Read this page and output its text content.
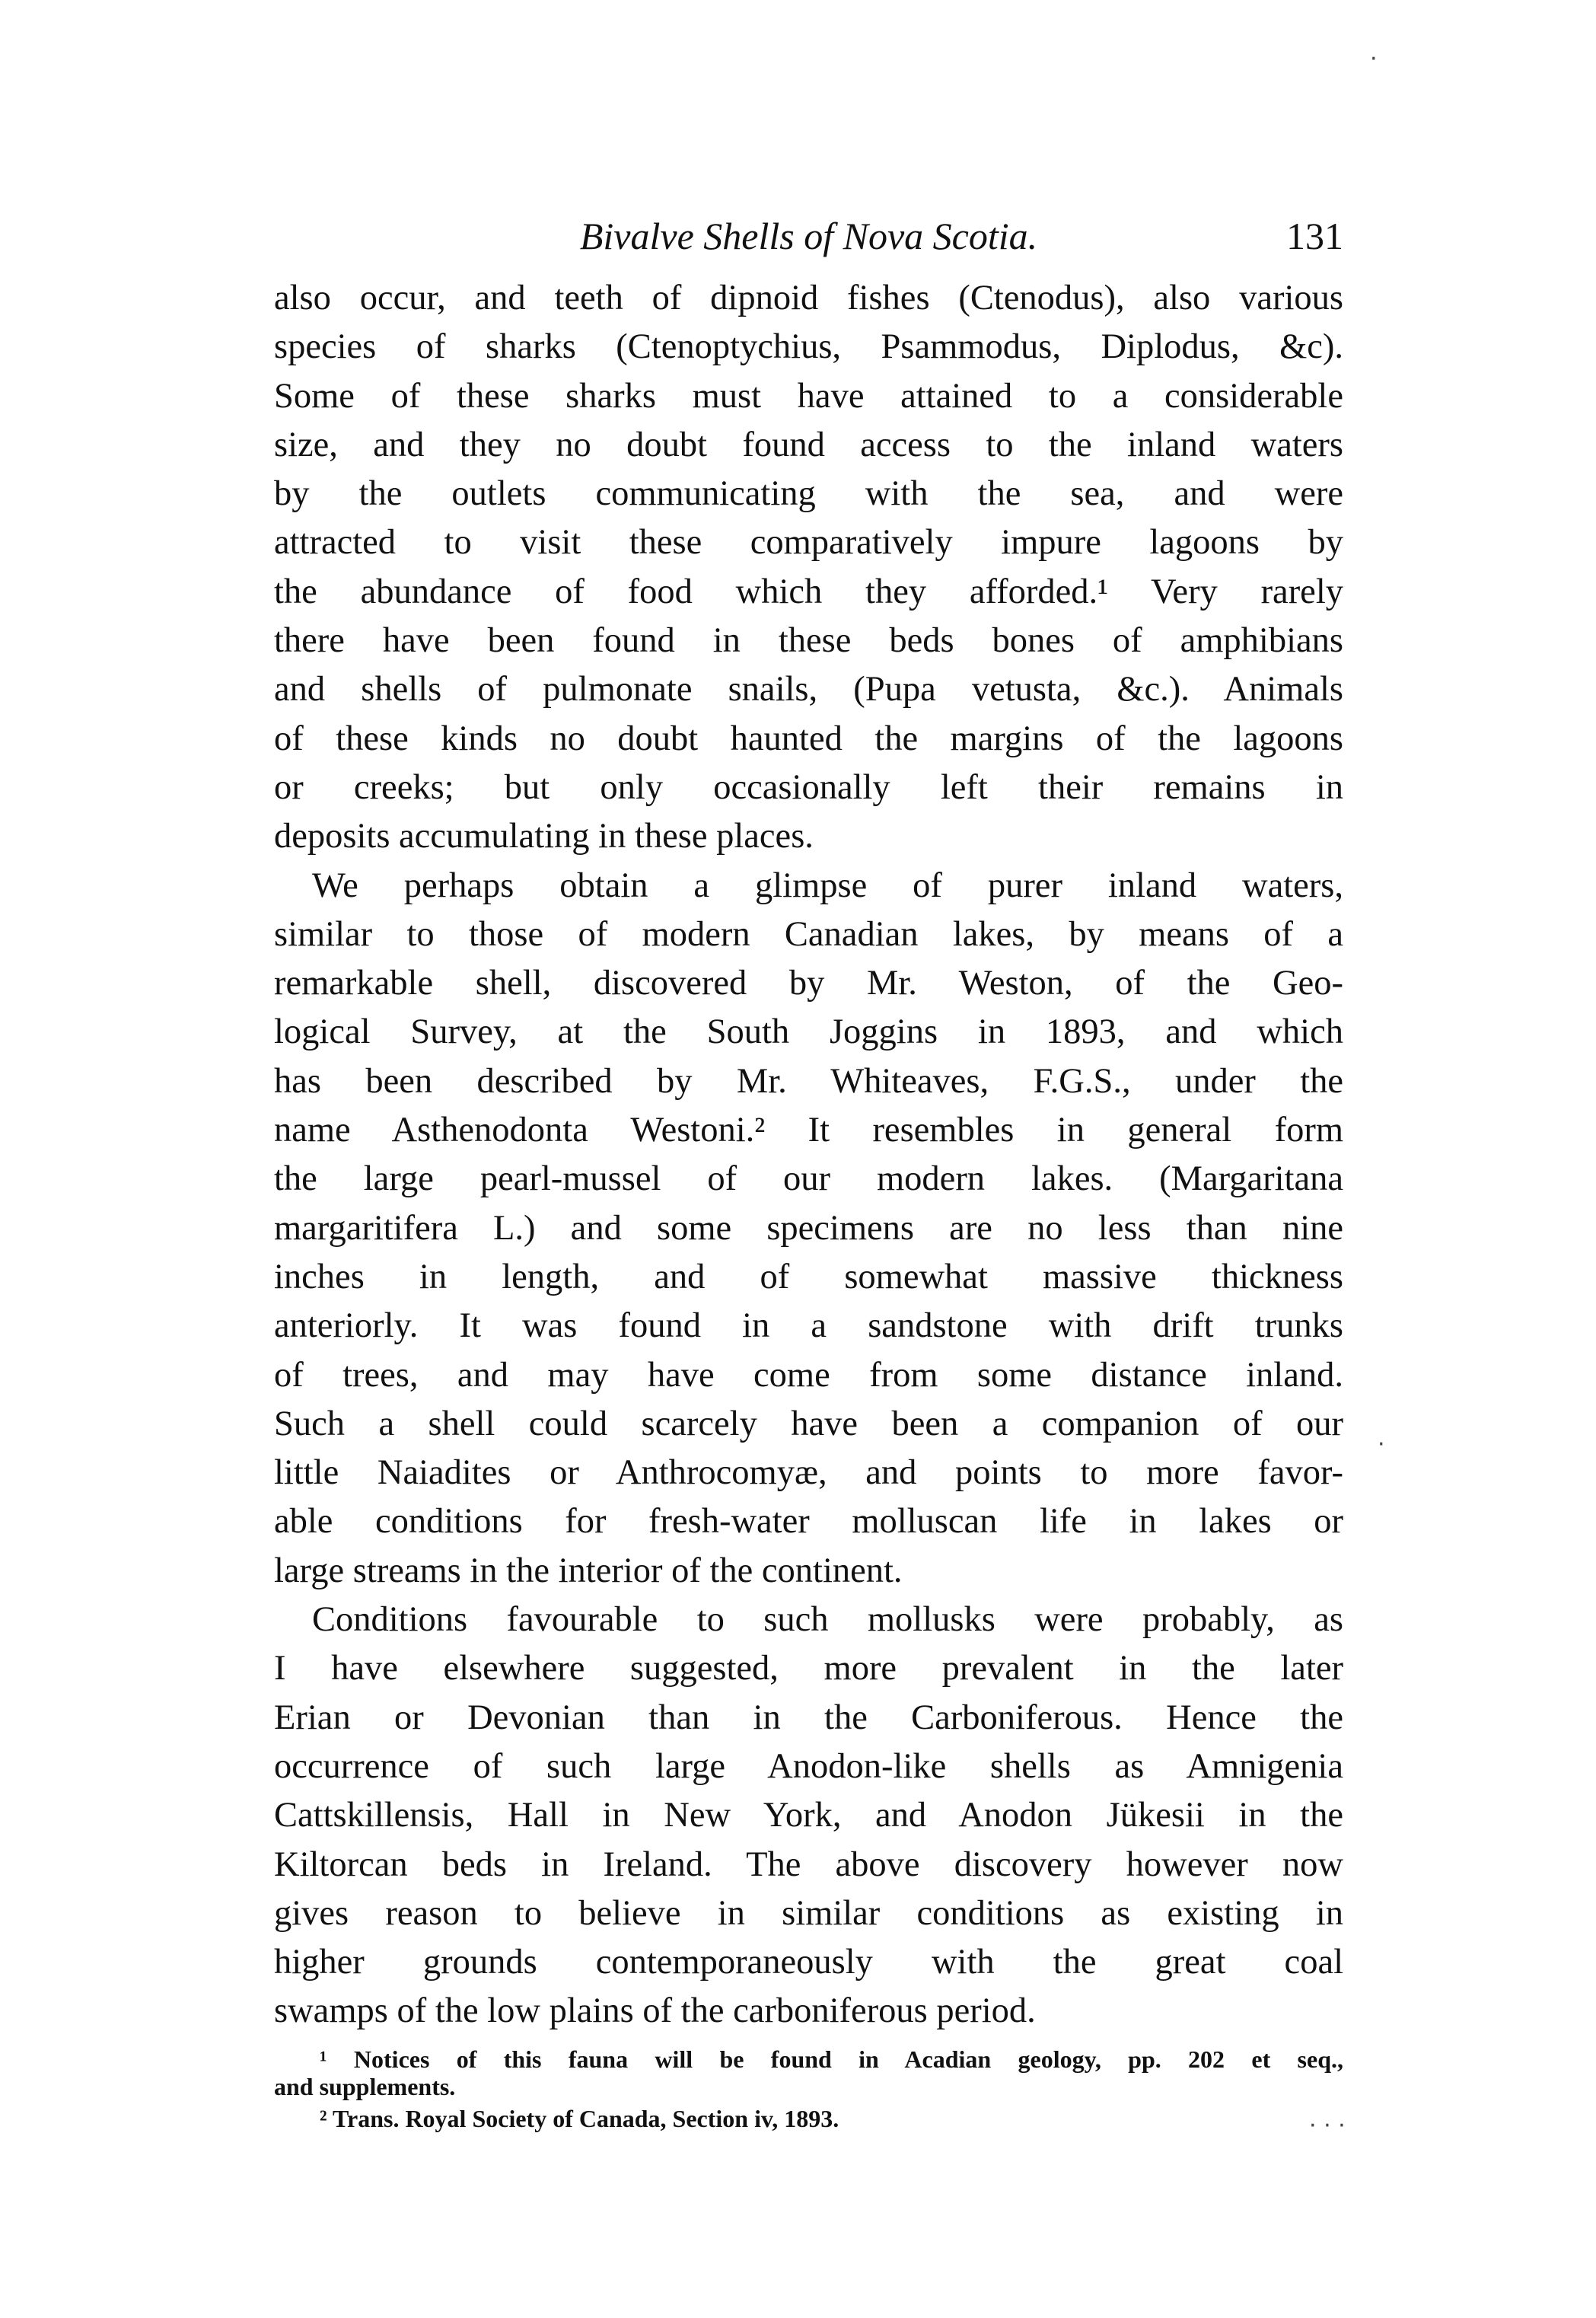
Bivalve Shells of Nova Scotia.	131
also occur, and teeth of dipnoid fishes (Ctenodus), also various
species of sharks (Ctenoptychius, Psammodus, Diplodus, &c).
Some of these sharks must have attained to a considerable
size, and they no doubt found access to the inland waters
by the outlets communicating with the sea, and were
attracted to visit these comparatively impure lagoons by
the abundance of food which they afforded.¹ Very rarely
there have been found in these beds bones of amphibians
and shells of pulmonate snails, (Pupa vetusta, &c.). Animals
of these kinds no doubt haunted the margins of the lagoons
or creeks; but only occasionally left their remains in
deposits accumulating in these places.
We perhaps obtain a glimpse of purer inland waters,
similar to those of modern Canadian lakes, by means of a
remarkable shell, discovered by Mr. Weston, of the Geo-
logical Survey, at the South Joggins in 1893, and which
has been described by Mr. Whiteaves, F.G.S., under the
name Asthenodonta Westoni.² It resembles in general form
the large pearl-mussel of our modern lakes. (Margaritana
margaritifera L.) and some specimens are no less than nine
inches in length, and of somewhat massive thickness
anteriorly. It was found in a sandstone with drift trunks
of trees, and may have come from some distance inland.
Such a shell could scarcely have been a companion of our
little Naiadites or Anthrocomyæ, and points to more favor-
able conditions for fresh-water molluscan life in lakes or
large streams in the interior of the continent.
Conditions favourable to such mollusks were probably, as
I have elsewhere suggested, more prevalent in the later
Erian or Devonian than in the Carboniferous. Hence the
occurrence of such large Anodon-like shells as Amnigenia
Cattskillensis, Hall in New York, and Anodon Jükesii in the
Kiltorcan beds in Ireland. The above discovery however now
gives reason to believe in similar conditions as existing in
higher grounds contemporaneously with the great coal
swamps of the low plains of the carboniferous period.
¹ Notices of this fauna will be found in Acadian geology, pp. 202 et seq.,
and supplements.
² Trans. Royal Society of Canada, Section iv, 1893.
·
·
· · ·
